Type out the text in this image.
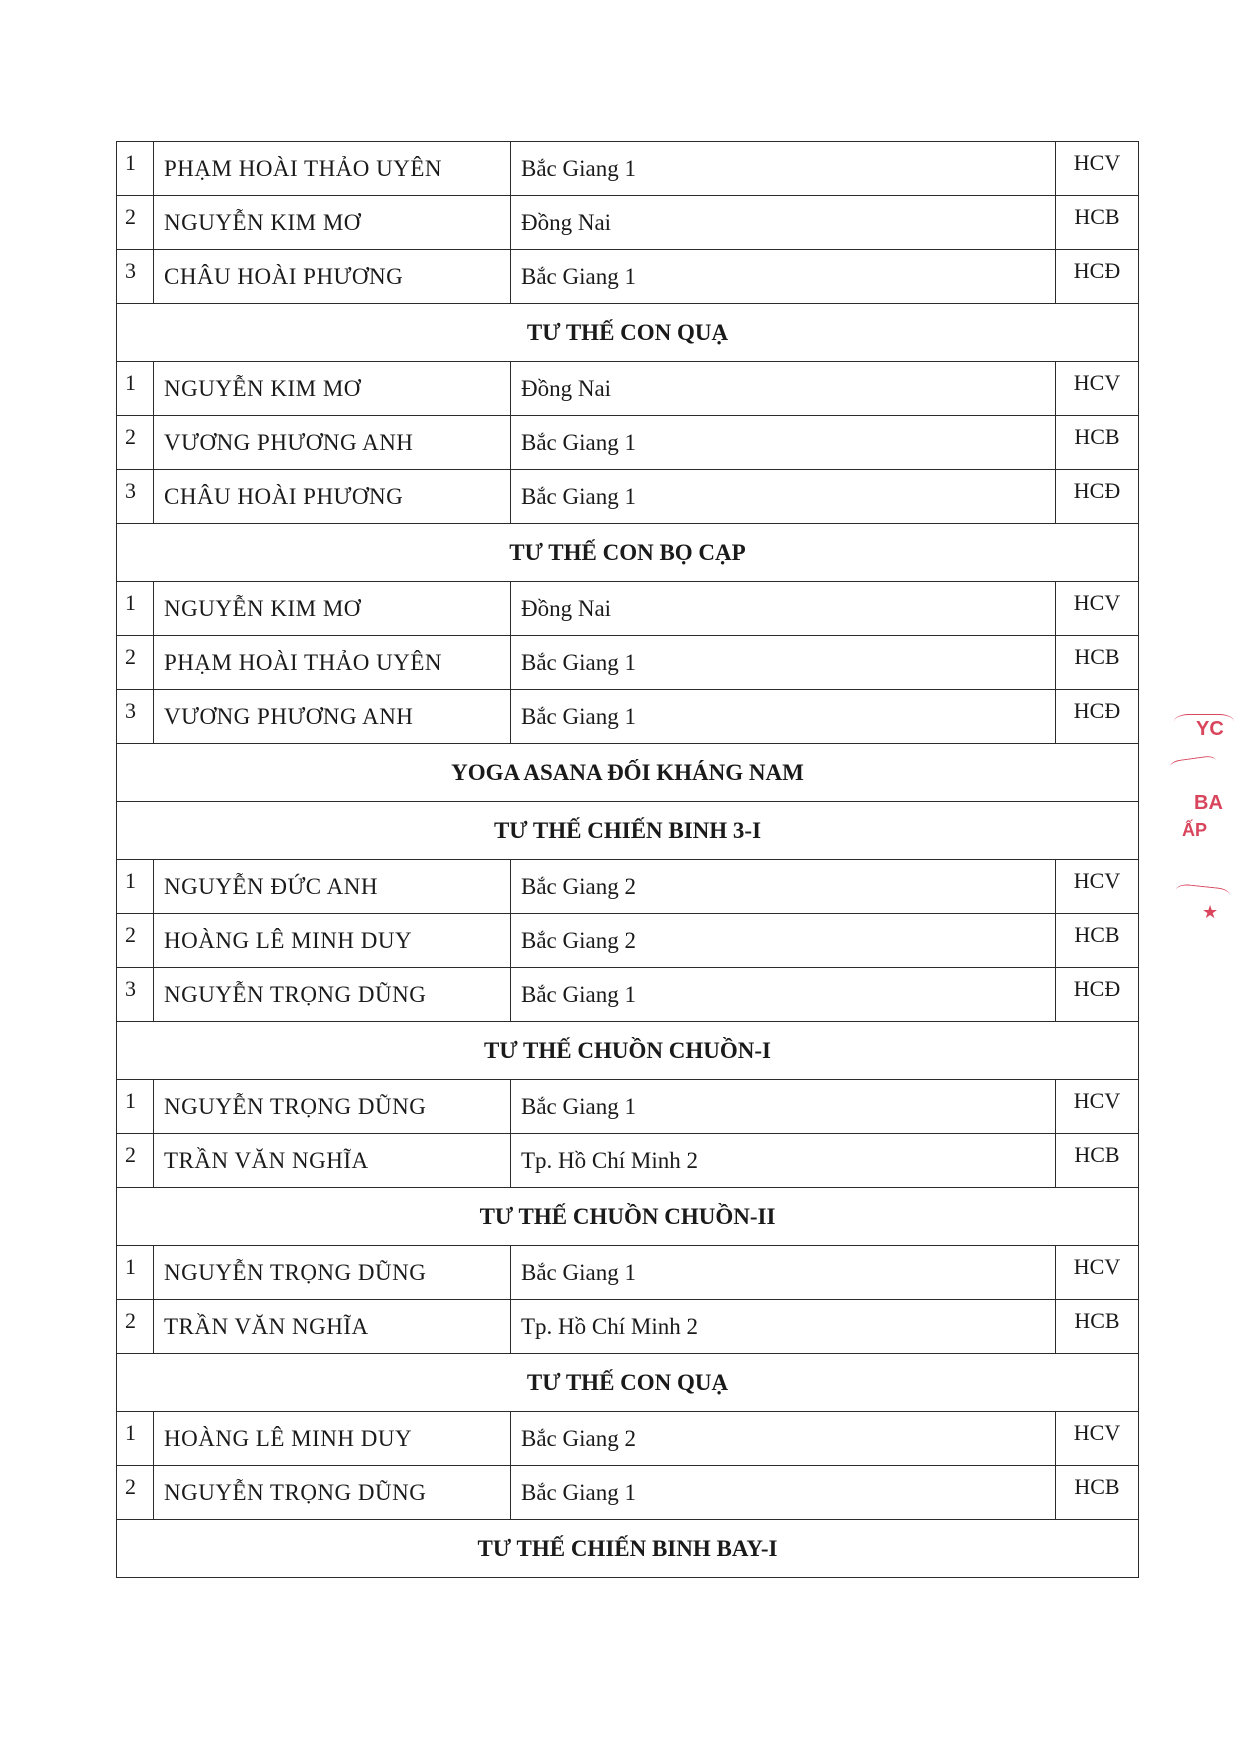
1	PHẠM HOÀI THẢO UYÊN	Bắc Giang 1	HCV
2	NGUYỄN KIM MƠ	Đồng Nai	HCB
3	CHÂU HOÀI PHƯƠNG	Bắc Giang 1	HCĐ
TƯ THẾ CON QUẠ			
1	NGUYỄN KIM MƠ	Đồng Nai	HCV
2	VƯƠNG PHƯƠNG ANH	Bắc Giang 1	HCB
3	CHÂU HOÀI PHƯƠNG	Bắc Giang 1	HCĐ
TƯ THẾ CON BỌ CẠP			
1	NGUYỄN KIM MƠ	Đồng Nai	HCV
2	PHẠM HOÀI THẢO UYÊN	Bắc Giang 1	HCB
3	VƯƠNG PHƯƠNG ANH	Bắc Giang 1	HCĐ
YOGA ASANA ĐỐI KHÁNG NAM			
TƯ THẾ CHIẾN BINH 3-I			
1	NGUYỄN ĐỨC ANH	Bắc Giang 2	HCV
2	HOÀNG LÊ MINH DUY	Bắc Giang 2	HCB
3	NGUYỄN TRỌNG DŨNG	Bắc Giang 1	HCĐ
TƯ THẾ CHUỒN CHUỒN-I			
1	NGUYỄN TRỌNG DŨNG	Bắc Giang 1	HCV
2	TRẦN VĂN NGHĨA	Tp. Hồ Chí Minh 2	HCB
TƯ THẾ CHUỒN CHUỒN-II			
1	NGUYỄN TRỌNG DŨNG	Bắc Giang 1	HCV
2	TRẦN VĂN NGHĨA	Tp. Hồ Chí Minh 2	HCB
TƯ THẾ CON QUẠ			
1	HOÀNG LÊ MINH DUY	Bắc Giang 2	HCV
2	NGUYỄN TRỌNG DŨNG	Bắc Giang 1	HCB
TƯ THẾ CHIẾN BINH BAY-I			
YC
BA
ẤP
★
